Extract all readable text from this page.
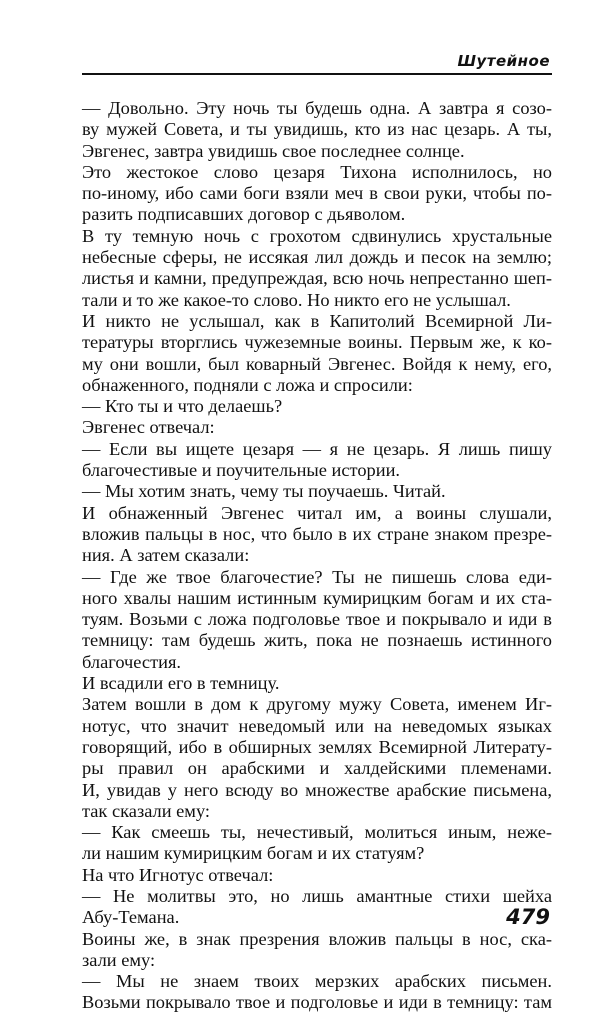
Шутейное
— Довольно. Эту ночь ты будешь одна. А завтра я созо-
ву мужей Совета, и ты увидишь, кто из нас цезарь. А ты,
Эвгенес, завтра увидишь свое последнее солнце.
Это жестокое слово цезаря Тихона исполнилось, но
по-иному, ибо сами боги взяли меч в свои руки, чтобы по-
разить подписавших договор с дьяволом.
В ту темную ночь с грохотом сдвинулись хрустальные
небесные сферы, не иссякая лил дождь и песок на землю;
листья и камни, предупреждая, всю ночь непрестанно шеп-
тали и то же какое-то слово. Но никто его не услышал.
И никто не услышал, как в Капитолий Всемирной Ли-
тературы вторглись чужеземные воины. Первым же, к ко-
му они вошли, был коварный Эвгенес. Войдя к нему, его,
обнаженного, подняли с ложа и спросили:
— Кто ты и что делаешь?
Эвгенес отвечал:
— Если вы ищете цезаря — я не цезарь. Я лишь пишу
благочестивые и поучительные истории.
— Мы хотим знать, чему ты поучаешь. Читай.
И обнаженный Эвгенес читал им, а воины слушали,
вложив пальцы в нос, что было в их стране знаком презре-
ния. А затем сказали:
— Где же твое благочестие? Ты не пишешь слова еди-
ного хвалы нашим истинным кумирицким богам и их ста-
туям. Возьми с ложа подголовье твое и покрывало и иди в
темницу: там будешь жить, пока не познаешь истинного
благочестия.
И всадили его в темницу.
Затем вошли в дом к другому мужу Совета, именем Иг-
нотус, что значит неведомый или на неведомых языках
говорящий, ибо в обширных землях Всемирной Литерату-
ры правил он арабскими и халдейскими племенами.
И, увидав у него всюду во множестве арабские письмена,
так сказали ему:
— Как смеешь ты, нечестивый, молиться иным, нeже-
ли нашим кумирицким богам и их статуям?
На что Игнотус отвечал:
— Не молитвы это, но лишь амантные стихи шейха
Абу-Темана.
Воины же, в знак презрения вложив пальцы в нос, ска-
зали ему:
— Мы не знаем твоих мерзких арабских письмен.
Возьми покрывало твое и подголовье и иди в темницу: там
479
